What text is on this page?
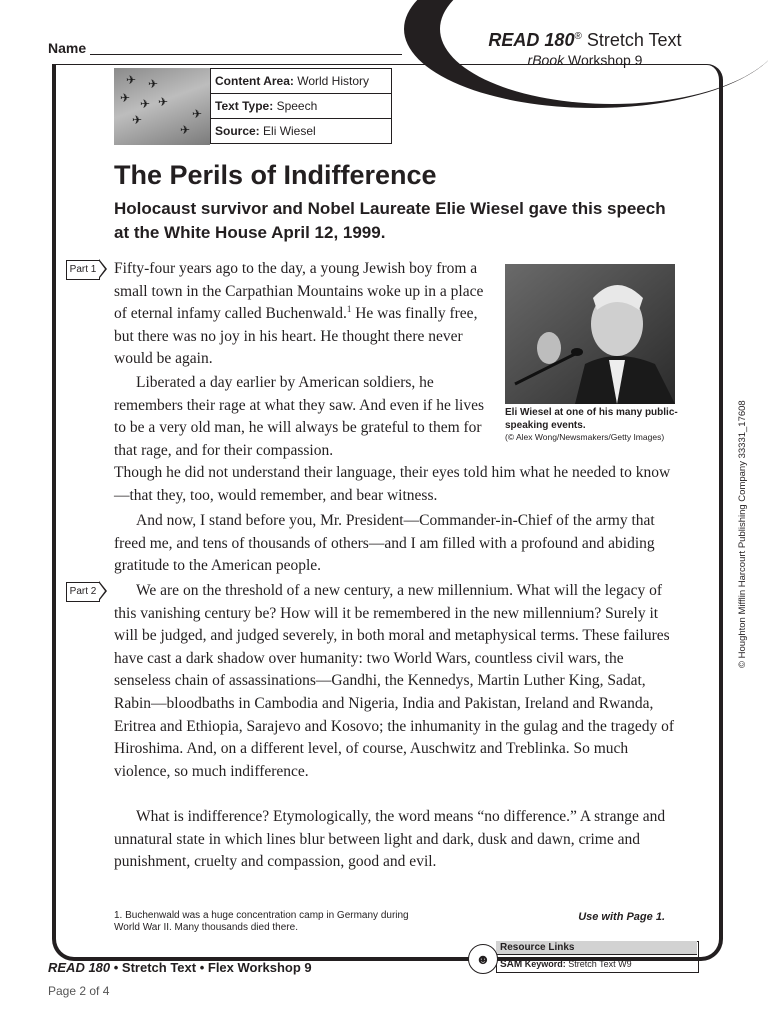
Name	READ 180® Stretch Text
rBook Workshop 9
✈ ✈
✈ ✈ ✈
✈
✈
✈
Content Area: World History
Text Type: Speech
Source: Eli Wiesel
The Perils of Indifference
Holocaust survivor and Nobel Laureate Elie Wiesel gave this speech at the White House April 12, 1999.
Part 1
Part 2
Eli Wiesel at one of his many public-speaking events.
(© Alex Wong/Newsmakers/Getty Images)
Fifty-four years ago to the day, a young Jewish boy from a small town in the Carpathian Mountains woke up in a place of eternal infamy called Buchenwald.$^1$ He was finally free, but there was no joy in his heart. He thought there never would be again.
Liberated a day earlier by American soldiers, he remembers their rage at what they saw. And even if he lives to be a very old man, he will always be grateful to them for that rage, and for their compassion.
Though he did not understand their language, their eyes told him what he needed to know—that they, too, would remember, and bear witness.
And now, I stand before you, Mr. President—Commander-in-Chief of the army that freed me, and tens of thousands of others—and I am filled with a profound and abiding gratitude to the American people.
We are on the threshold of a new century, a new millennium. What will the legacy of this vanishing century be? How will it be remembered in the new millennium? Surely it will be judged, and judged severely, in both moral and metaphysical terms. These failures have cast a dark shadow over humanity: two World Wars, countless civil wars, the senseless chain of assassinations—Gandhi, the Kennedys, Martin Luther King, Sadat, Rabin—bloodbaths in Cambodia and Nigeria, India and Pakistan, Ireland and Rwanda, Eritrea and Ethiopia, Sarajevo and Kosovo; the inhumanity in the gulag and the tragedy of Hiroshima. And, on a different level, of course, Auschwitz and Treblinka. So much violence, so much indifference.
What is indifference? Etymologically, the word means “no difference.” A strange and unnatural state in which lines blur between light and dark, dusk and dawn, crime and punishment, cruelty and compassion, good and evil.
1. Buchenwald was a huge concentration camp in Germany during World War II. Many thousands died there.
Use with Page 1.
Resource Links
SAM Keyword: Stretch Text W9
☻
READ 180 • Stretch Text • Flex Workshop 9
Page 2 of 4
© Houghton Mifflin Harcourt Publishing Company 33331_17608
